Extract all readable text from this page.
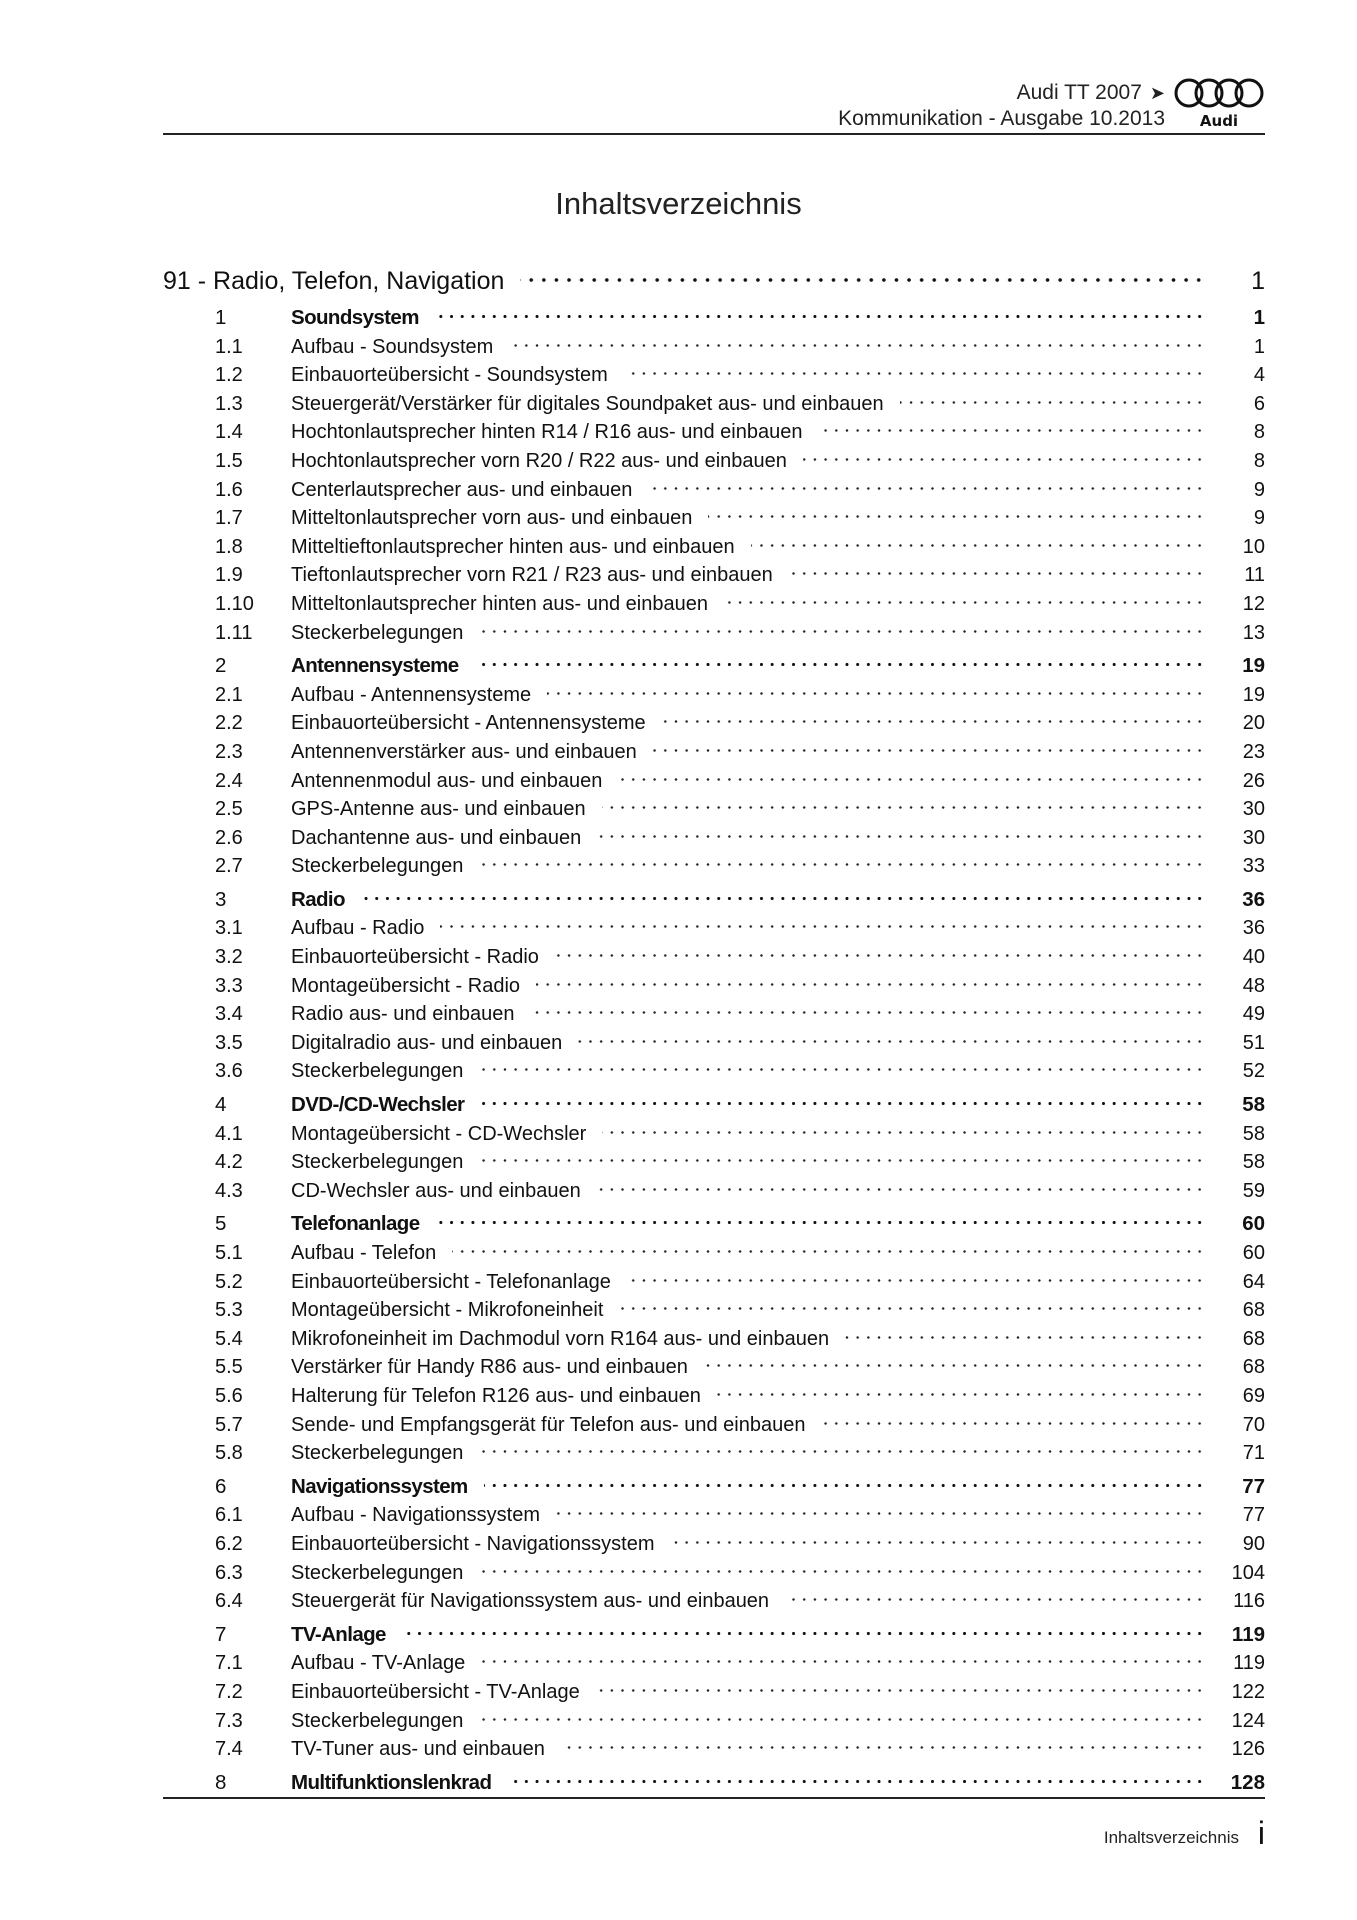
Audi TT 2007 ➤
Kommunikation - Ausgabe 10.2013 Audi
Inhaltsverzeichnis
91 - Radio, Telefon, Navigation	1
1	Soundsystem	1
1.1 Aufbau - Soundsystem	1
1.2 Einbauorteübersicht - Soundsystem	4
1.3 Steuergerät/Verstärker für digitales Soundpaket aus- und einbauen	6
1.4 Hochtonlautsprecher hinten R14 / R16 aus- und einbauen	8
1.5 Hochtonlautsprecher vorn R20 / R22 aus- und einbauen	8
1.6 Centerlautsprecher aus- und einbauen	9
1.7 Mitteltonlautsprecher vorn aus- und einbauen	9
1.8 Mitteltieftonlautsprecher hinten aus- und einbauen	10
1.9 Tieftonlautsprecher vorn R21 / R23 aus- und einbauen	11
1.10 Mitteltonlautsprecher hinten aus- und einbauen	12
1.11 Steckerbelegungen	13
2	Antennensysteme	19
2.1 Aufbau - Antennensysteme	19
2.2 Einbauorteübersicht - Antennensysteme	20
2.3 Antennenverstärker aus- und einbauen	23
2.4 Antennenmodul aus- und einbauen	26
2.5 GPS-Antenne aus- und einbauen	30
2.6 Dachantenne aus- und einbauen	30
2.7 Steckerbelegungen	33
3	Radio	36
3.1 Aufbau - Radio	36
3.2 Einbauorteübersicht - Radio	40
3.3 Montageübersicht - Radio	48
3.4 Radio aus- und einbauen	49
3.5 Digitalradio aus- und einbauen	51
3.6 Steckerbelegungen	52
4	DVD-/CD-Wechsler	58
4.1 Montageübersicht - CD-Wechsler	58
4.2 Steckerbelegungen	58
4.3 CD-Wechsler aus- und einbauen	59
5	Telefonanlage	60
5.1 Aufbau - Telefon	60
5.2 Einbauorteübersicht - Telefonanlage	64
5.3 Montageübersicht - Mikrofoneinheit	68
5.4 Mikrofoneinheit im Dachmodul vorn R164 aus- und einbauen	68
5.5 Verstärker für Handy R86 aus- und einbauen	68
5.6 Halterung für Telefon R126 aus- und einbauen	69
5.7 Sende- und Empfangsgerät für Telefon aus- und einbauen	70
5.8 Steckerbelegungen	71
6	Navigationssystem	77
6.1 Aufbau - Navigationssystem	77
6.2 Einbauorteübersicht - Navigationssystem	90
6.3 Steckerbelegungen	104
6.4 Steuergerät für Navigationssystem aus- und einbauen	116
7	TV-Anlage	119
7.1 Aufbau - TV-Anlage	119
7.2 Einbauorteübersicht - TV-Anlage	122
7.3 Steckerbelegungen	124
7.4 TV-Tuner aus- und einbauen	126
8	Multifunktionslenkrad	128
Inhaltsverzeichnis i
